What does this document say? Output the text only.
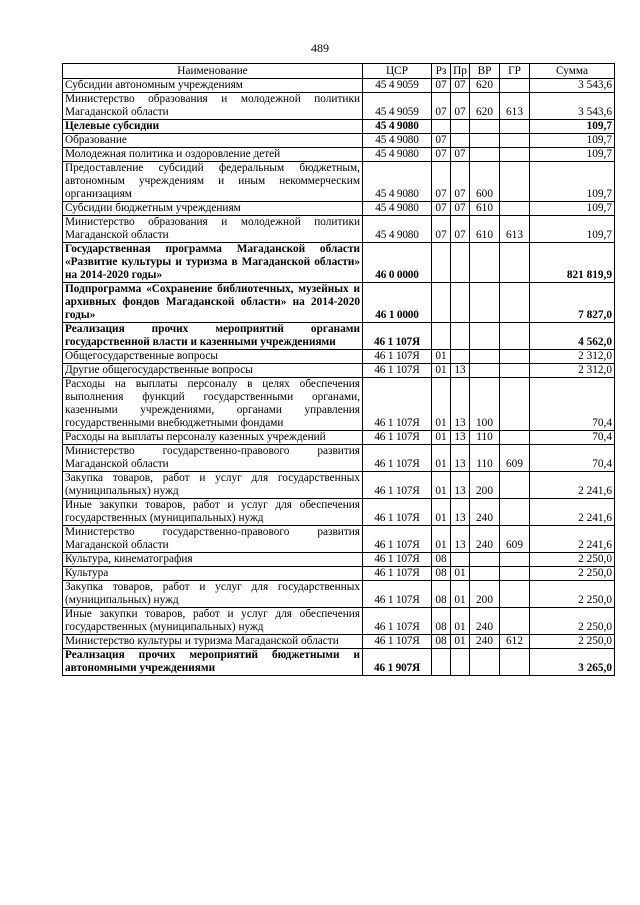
489
Наименование	ЦСР	Рз	Пр	ВР	ГР	Сумма
Субсидии автономным учреждениям	45 4 9059	07	07	620		3 543,6
Министерство образования и молодежной политики Магаданской области	45 4 9059	07	07	620	613	3 543,6
Целевые субсидии	45 4 9080					109,7
Образование	45 4 9080	07				109,7
Молодежная политика и оздоровление детей	45 4 9080	07	07			109,7
Предоставление субсидий федеральным бюджетным, автономным учреждениям и иным некоммерческим организациям	45 4 9080	07	07	600		109,7
Субсидии бюджетным учреждениям	45 4 9080	07	07	610		109,7
Министерство образования и молодежной политики Магаданской области	45 4 9080	07	07	610	613	109,7
Государственная программа Магаданской области «Развитие культуры и туризма в Магаданской области» на 2014-2020 годы»	46 0 0000					821 819,9
Подпрограмма «Сохранение библиотечных, музейных и архивных фондов Магаданской области» на 2014-2020 годы»	46 1 0000					7 827,0
Реализация прочих мероприятий органами государственной власти и казенными учреждениями	46 1 107Я					4 562,0
Общегосударственные вопросы	46 1 107Я	01				2 312,0
Другие общегосударственные вопросы	46 1 107Я	01	13			2 312,0
Расходы на выплаты персоналу в целях обеспечения выполнения функций государственными органами, казенными учреждениями, органами управления государственными внебюджетными фондами	46 1 107Я	01	13	100		70,4
Расходы на выплаты персоналу казенных учреждений	46 1 107Я	01	13	110		70,4
Министерство государственно-правового развития Магаданской области	46 1 107Я	01	13	110	609	70,4
Закупка товаров, работ и услуг для государственных (муниципальных) нужд	46 1 107Я	01	13	200		2 241,6
Иные закупки товаров, работ и услуг для обеспечения государственных (муниципальных) нужд	46 1 107Я	01	13	240		2 241,6
Министерство государственно-правового развития Магаданской области	46 1 107Я	01	13	240	609	2 241,6
Культура, кинематография	46 1 107Я	08				2 250,0
Культура	46 1 107Я	08	01			2 250,0
Закупка товаров, работ и услуг для государственных (муниципальных) нужд	46 1 107Я	08	01	200		2 250,0
Иные закупки товаров, работ и услуг для обеспечения государственных (муниципальных) нужд	46 1 107Я	08	01	240		2 250,0
Министерство культуры и туризма Магаданской области	46 1 107Я	08	01	240	612	2 250,0
Реализация прочих мероприятий бюджетными и автономными учреждениями	46 1 907Я					3 265,0
